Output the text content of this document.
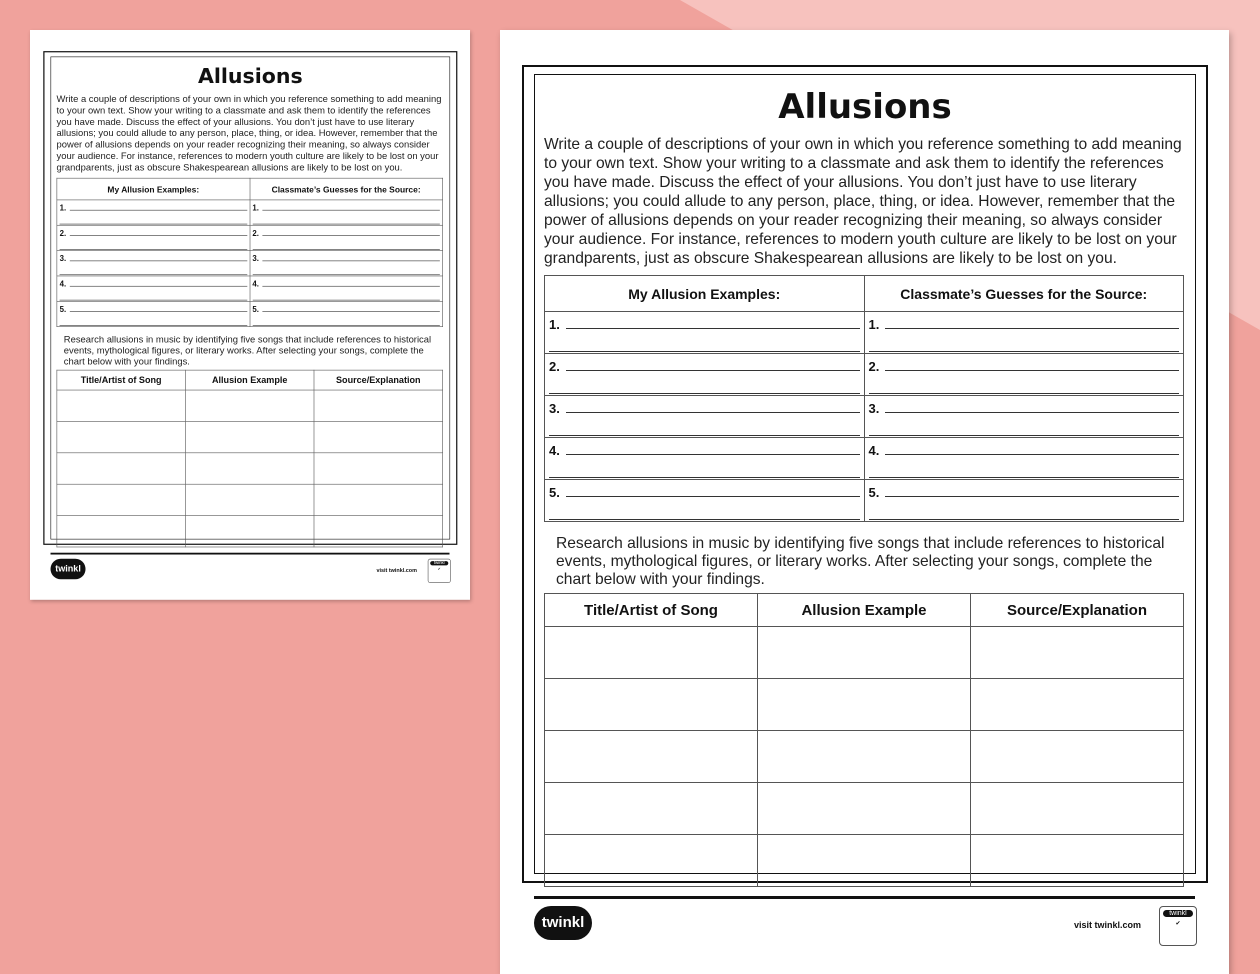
Allusions
Write a couple of descriptions of your own in which you reference something to add meaning to your own text. Show your writing to a classmate and ask them to identify the references you have made. Discuss the effect of your allusions. You don’t just have to use literary allusions; you could allude to any person, place, thing, or idea. However, remember that the power of allusions depends on your reader recognizing their meaning, so always consider your audience. For instance, references to modern youth culture are likely to be lost on your grandparents, just as obscure Shakespearean allusions are likely to be lost on you.
My Allusion Examples:	Classmate’s Guesses for the Source:

1.	1.

2.	2.

3.	3.

4.	4.

5.	5.
Research allusions in music by identifying five songs that include references to historical events, mythological figures, or literary works. After selecting your songs, complete the chart below with your findings.
Title/Artist of Song	Allusion Example	Source/Explanation

twinkl	visit twinkl.com
twinkl
✔
Allusions
Write a couple of descriptions of your own in which you reference something to add meaning to your own text. Show your writing to a classmate and ask them to identify the references you have made. Discuss the effect of your allusions. You don’t just have to use literary allusions; you could allude to any person, place, thing, or idea. However, remember that the power of allusions depends on your reader recognizing their meaning, so always consider your audience. For instance, references to modern youth culture are likely to be lost on your grandparents, just as obscure Shakespearean allusions are likely to be lost on you.
My Allusion Examples:	Classmate’s Guesses for the Source:

1.	1.

2.	2.

3.	3.

4.	4.

5.	5.
Research allusions in music by identifying five songs that include references to historical events, mythological figures, or literary works. After selecting your songs, complete the chart below with your findings.
Title/Artist of Song	Allusion Example	Source/Explanation

twinkl	visit twinkl.com
twinkl
✔
